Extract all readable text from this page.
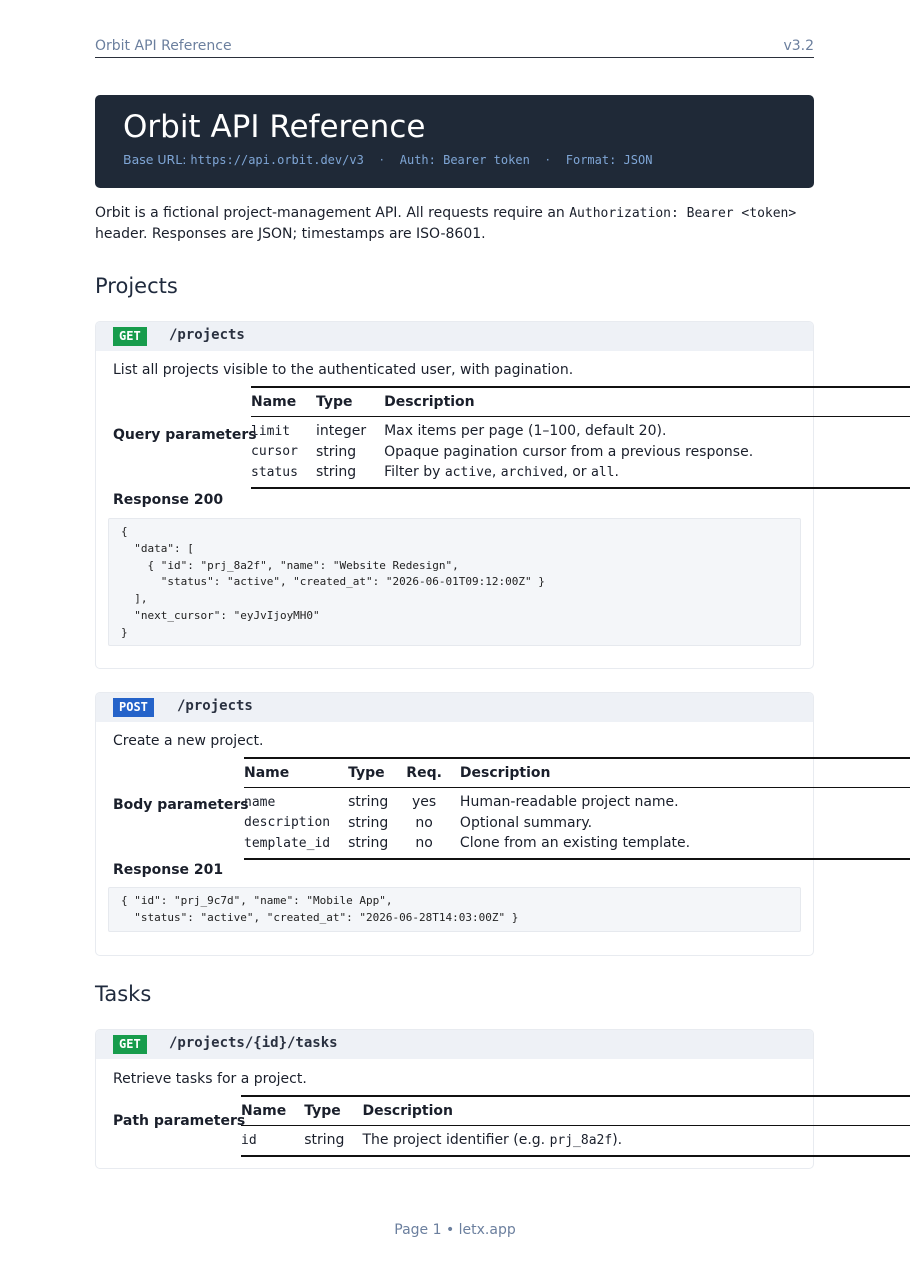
Orbit API Reference	v3.2
Orbit API Reference
Base URL: https://api.orbit.dev/v3 · Auth: Bearer token · Format: JSON
Orbit is a fictional project-management API. All requests require an Authorization: Bearer <token> header. Responses are JSON; timestamps are ISO-8601.
Projects
GET	/projects
List all projects visible to the authenticated user, with pagination.
Query parameters
Name	Type	Description
limit	integer	Max items per page (1–100, default 20).
cursor	string	Opaque pagination cursor from a previous response.
status	string	Filter by active, archived, or all.
Response 200
{
"data": [
{ "id": "prj_8a2f", "name": "Website Redesign",
"status": "active", "created_at": "2026-06-01T09:12:00Z" }
],
"next_cursor": "eyJvIjoyMH0"
}
POST	/projects
Create a new project.
Body parameters
Name	Type	Req.	Description
name	string	yes	Human-readable project name.
description	string	no	Optional summary.
template_id	string	no	Clone from an existing template.
Response 201
{ "id": "prj_9c7d", "name": "Mobile App",
"status": "active", "created_at": "2026-06-28T14:03:00Z" }
Tasks
GET	/projects/{id}/tasks
Retrieve tasks for a project.
Path parameters
Name	Type	Description
id	string	The project identifier (e.g. prj_8a2f).
Page 1 • letx.app
